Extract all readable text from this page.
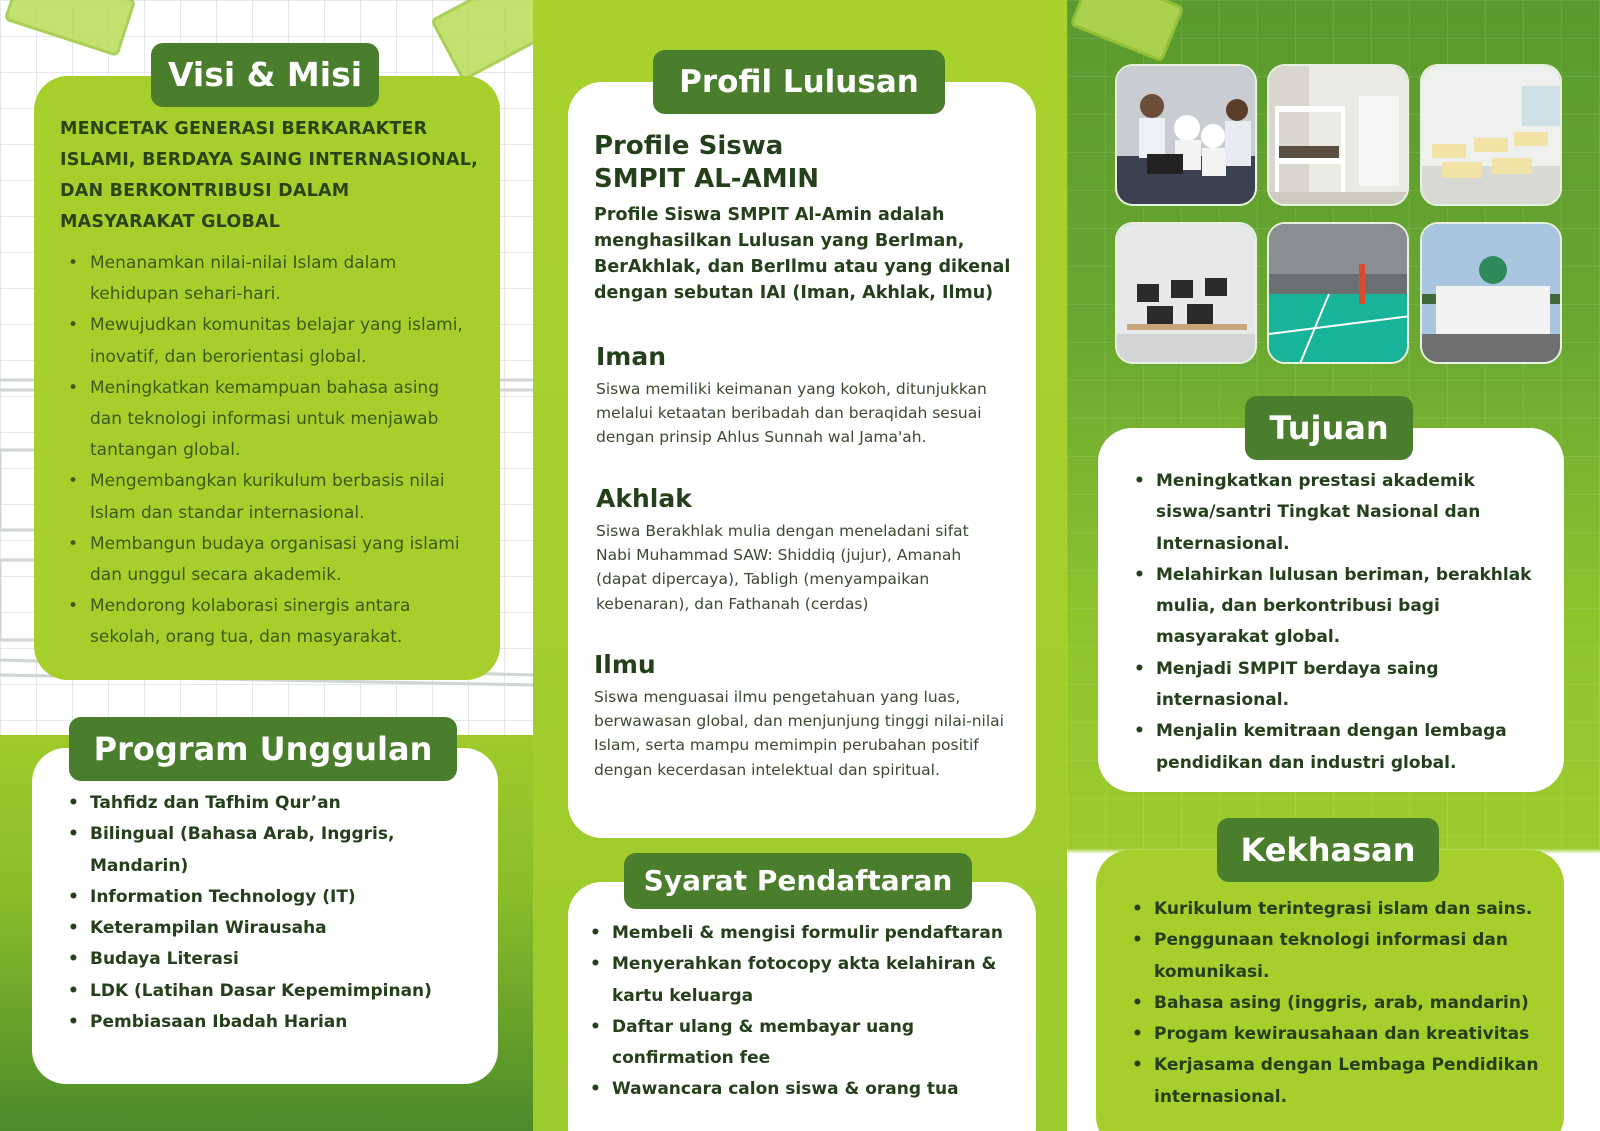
MENCETAK GENERASI BERKARAKTER ISLAMI, BERDAYA SAING INTERNASIONAL, DAN BERKONTRIBUSI DALAM MASYARAKAT GLOBAL
• Menanamkan nilai-nilai Islam dalam kehidupan sehari-hari.
• Mewujudkan komunitas belajar yang islami, inovatif, dan berorientasi global.
• Meningkatkan kemampuan bahasa asing dan teknologi informasi untuk menjawab tantangan global.
• Mengembangkan kurikulum berbasis nilai Islam dan standar internasional.
• Membangun budaya organisasi yang islami dan unggul secara akademik.
• Mendorong kolaborasi sinergis antara sekolah, orang tua, dan masyarakat.
Visi & Misi
• Tahfidz dan Tafhim Qur’an
• Bilingual (Bahasa Arab, Inggris, Mandarin)
• Information Technology (IT)
• Keterampilan Wirausaha
• Budaya Literasi
• LDK (Latihan Dasar Kepemimpinan)
• Pembiasaan Ibadah Harian
Program Unggulan
Profile Siswa
SMPIT AL-AMIN
Profile Siswa SMPIT Al-Amin adalah menghasilkan Lulusan yang BerIman, BerAkhlak, dan BerIlmu atau yang dikenal dengan sebutan IAI (Iman, Akhlak, Ilmu)
Iman
Siswa memiliki keimanan yang kokoh, ditunjukkan melalui ketaatan beribadah dan beraqidah sesuai dengan prinsip Ahlus Sunnah wal Jama'ah.
Akhlak
Siswa Berakhlak mulia dengan meneladani sifat Nabi Muhammad SAW: Shiddiq (jujur), Amanah (dapat dipercaya), Tabligh (menyampaikan kebenaran), dan Fathanah (cerdas)
Ilmu
Siswa menguasai ilmu pengetahuan yang luas, berwawasan global, dan menjunjung tinggi nilai-nilai Islam, serta mampu memimpin perubahan positif dengan kecerdasan intelektual dan spiritual.
Profil Lulusan
• Membeli & mengisi formulir pendaftaran
• Menyerahkan fotocopy akta kelahiran & kartu keluarga
• Daftar ulang & membayar uang confirmation fee
• Wawancara calon siswa & orang tua
Syarat Pendaftaran
• Meningkatkan prestasi akademik siswa/santri Tingkat Nasional dan Internasional.
• Melahirkan lulusan beriman, berakhlak mulia, dan berkontribusi bagi masyarakat global.
• Menjadi SMPIT berdaya saing internasional.
• Menjalin kemitraan dengan lembaga pendidikan dan industri global.
Tujuan
• Kurikulum terintegrasi islam dan sains.
• Penggunaan teknologi informasi dan komunikasi.
• Bahasa asing (inggris, arab, mandarin)
• Progam kewirausahaan dan kreativitas
• Kerjasama dengan Lembaga Pendidikan internasional.
Kekhasan
